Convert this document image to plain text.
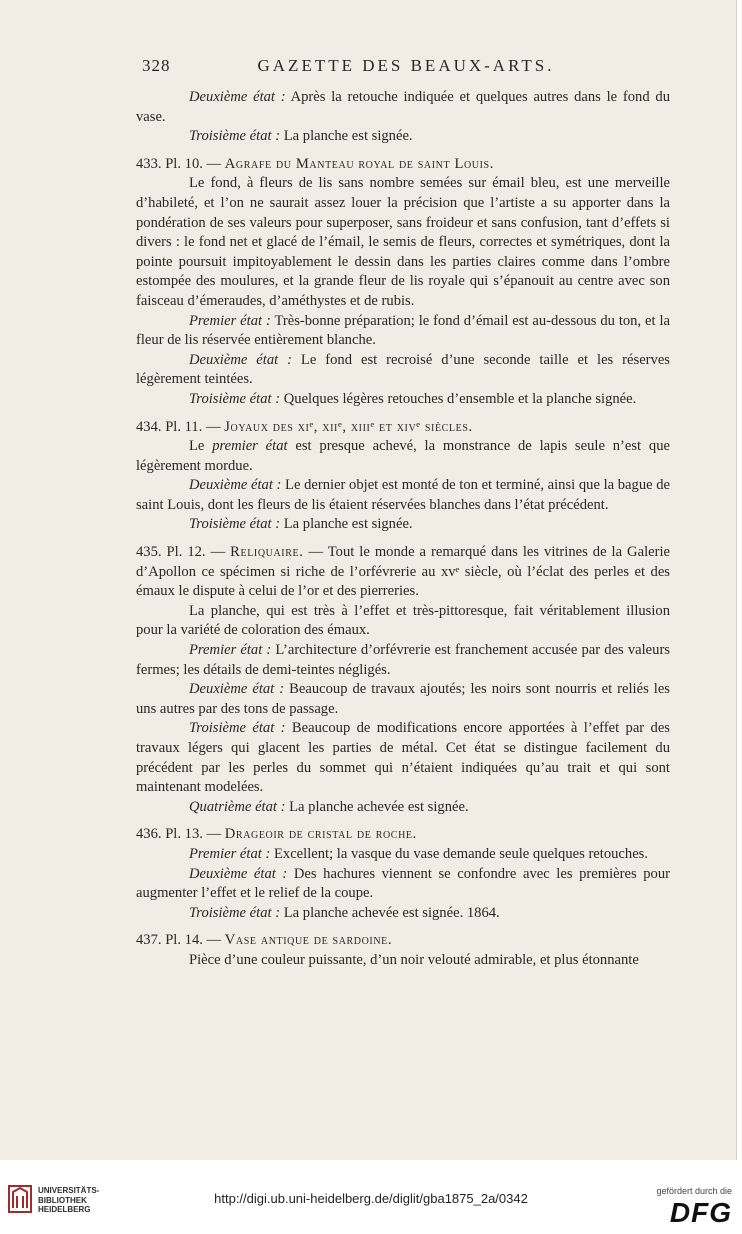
328	GAZETTE DES BEAUX-ARTS.

Deuxième état : Après la retouche indiquée et quelques autres dans le fond du vase.

Troisième état : La planche est signée.

433. Pl. 10. — Agrafe du Manteau royal de saint Louis.

Le fond, à fleurs de lis sans nombre semées sur émail bleu, est une merveille d’habileté, et l’on ne saurait assez louer la précision que l’artiste a su apporter dans la pondération de ses valeurs pour superposer, sans froideur et sans confusion, tant d’effets si divers : le fond net et glacé de l’émail, le semis de fleurs, correctes et symétriques, dont la pointe poursuit impitoyablement le dessin dans les parties claires comme dans l’ombre estompée des moulures, et la grande fleur de lis royale qui s’épanouit au centre avec son faisceau d’émeraudes, d’améthystes et de rubis.

Premier état : Très-bonne préparation; le fond d’émail est au-dessous du ton, et la fleur de lis réservée entièrement blanche.

Deuxième état : Le fond est recroisé d’une seconde taille et les réserves légèrement teintées.

Troisième état : Quelques légères retouches d’ensemble et la planche signée.

434. Pl. 11. — Joyaux des xiᵉ, xiiᵉ, xiiiᵉ et xivᵉ siècles.

Le premier état est presque achevé, la monstrance de lapis seule n’est que légèrement mordue.

Deuxième état : Le dernier objet est monté de ton et terminé, ainsi que la bague de saint Louis, dont les fleurs de lis étaient réservées blanches dans l’état précédent.

Troisième état : La planche est signée.

435. Pl. 12. — Reliquaire. — Tout le monde a remarqué dans les vitrines de la Galerie d’Apollon ce spécimen si riche de l’orfévrerie au xvᵉ siècle, où l’éclat des perles et des émaux le dispute à celui de l’or et des pierreries.

La planche, qui est très à l’effet et très-pittoresque, fait véritablement illusion pour la variété de coloration des émaux.

Premier état : L’architecture d’orfévrerie est franchement accusée par des valeurs fermes; les détails de demi-teintes négligés.

Deuxième état : Beaucoup de travaux ajoutés; les noirs sont nourris et reliés les uns autres par des tons de passage.

Troisième état : Beaucoup de modifications encore apportées à l’effet par des travaux légers qui glacent les parties de métal. Cet état se distingue facilement du précédent par les perles du sommet qui n’étaient indiquées qu’au trait et qui sont maintenant modelées.

Quatrième état : La planche achevée est signée.

436. Pl. 13. — Drageoir de cristal de roche.

Premier état : Excellent; la vasque du vase demande seule quelques retouches.

Deuxième état : Des hachures viennent se confondre avec les premières pour augmenter l’effet et le relief de la coupe.

Troisième état : La planche achevée est signée. 1864.

437. Pl. 14. — Vase antique de sardoine.

Pièce d’une couleur puissante, d’un noir velouté admirable, et plus étonnante

UNIVERSITÄTS-
BIBLIOTHEK
HEIDELBERG
http://digi.ub.uni-heidelberg.de/diglit/gba1875_2a/0342	gefördert durch die
DFG
